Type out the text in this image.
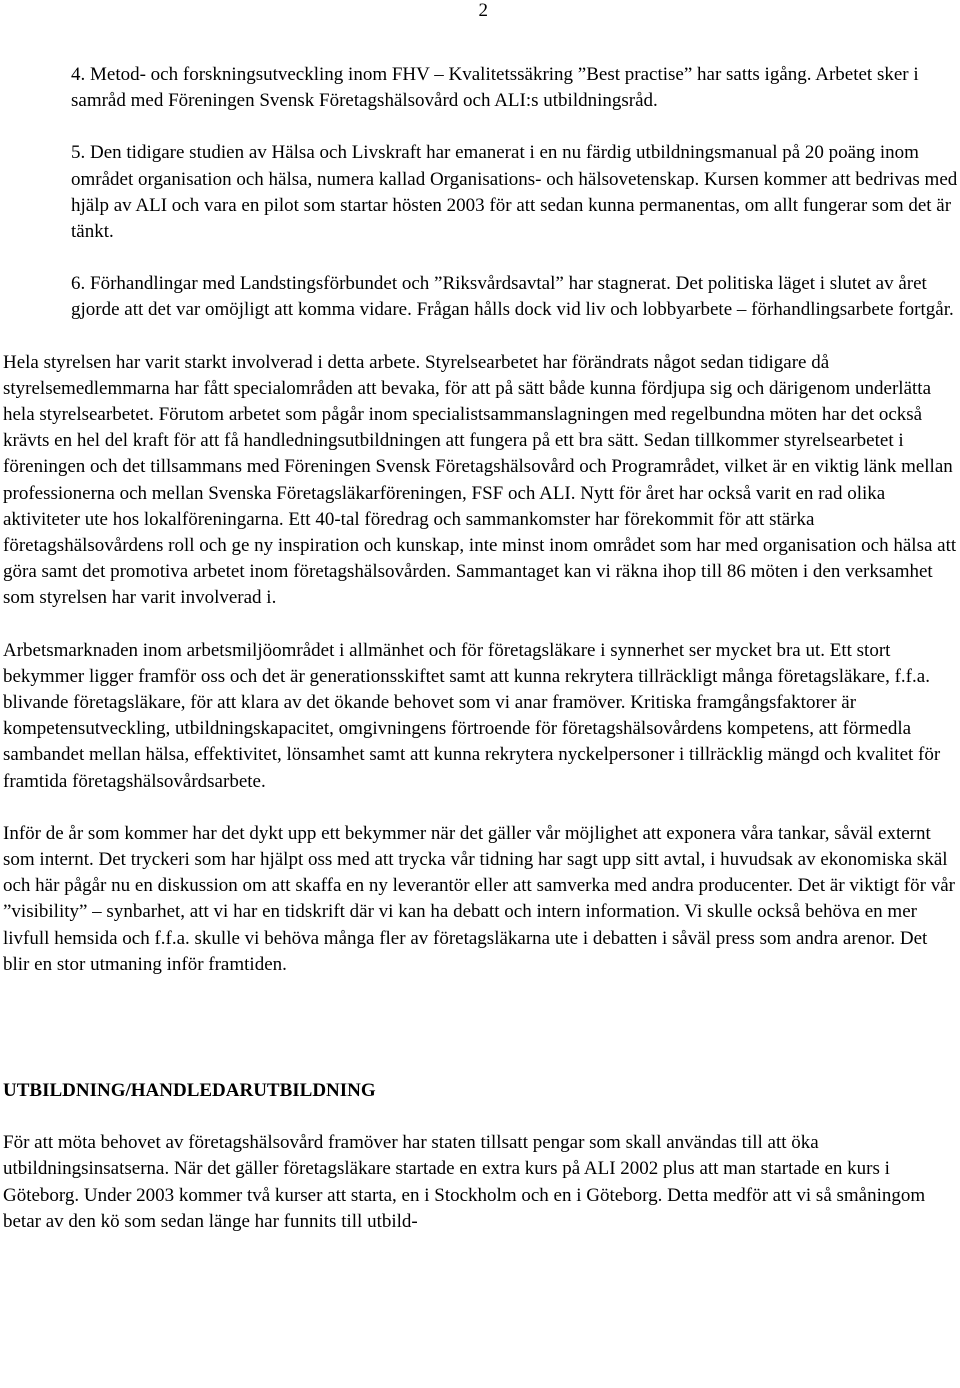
2

4. Metod- och forskningsutveckling inom FHV – Kvalitetssäkring ”Best practise” har satts igång. Arbetet sker i samråd med Föreningen Svensk Företagshälsovård och ALI:s utbildningsråd.

5. Den tidigare studien av Hälsa och Livskraft har emanerat i en nu färdig utbildningsmanual på 20 poäng inom området organisation och hälsa, numera kallad Organisations- och hälsovetenskap. Kursen kommer att bedrivas med hjälp av ALI och vara en pilot som startar hösten 2003 för att sedan kunna permanentas, om allt fungerar som det är tänkt.

6. Förhandlingar med Landstingsförbundet och ”Riksvårdsavtal” har stagnerat. Det politiska läget i slutet av året gjorde att det var omöjligt att komma vidare. Frågan hålls dock vid liv och lobbyarbete – förhandlingsarbete fortgår.

Hela styrelsen har varit starkt involverad i detta arbete. Styrelsearbetet har förändrats något sedan tidigare då styrelsemedlemmarna har fått specialområden att bevaka, för att på sätt både kunna fördjupa sig och därigenom underlätta hela styrelsearbetet. Förutom arbetet som pågår inom specialistsammanslagningen med regelbundna möten har det också krävts en hel del kraft för att få handledningsutbildningen att fungera på ett bra sätt. Sedan tillkommer styrelsearbetet i föreningen och det tillsammans med Föreningen Svensk Företagshälsovård och Programrådet, vilket är en viktig länk mellan professionerna och mellan Svenska Företagsläkarföreningen, FSF och ALI. Nytt för året har också varit en rad olika aktiviteter ute hos lokalföreningarna. Ett 40-tal föredrag och sammankomster har förekommit för att stärka företagshälsovårdens roll och ge ny inspiration och kunskap, inte minst inom området som har med organisation och hälsa att göra samt det promotiva arbetet inom företagshälsovården. Sammantaget kan vi räkna ihop till 86 möten i den verksamhet som styrelsen har varit involverad i.

Arbetsmarknaden inom arbetsmiljöområdet i allmänhet och för företagsläkare i synnerhet ser mycket bra ut. Ett stort bekymmer ligger framför oss och det är generationsskiftet samt att kunna rekrytera tillräckligt många företagsläkare, f.f.a. blivande företagsläkare, för att klara av det ökande behovet som vi anar framöver. Kritiska framgångsfaktorer är kompetensutveckling, utbildningskapacitet, omgivningens förtroende för företagshälsovårdens kompetens, att förmedla sambandet mellan hälsa, effektivitet, lönsamhet samt att kunna rekrytera nyckelpersoner i tillräcklig mängd och kvalitet för framtida företagshälsovårdsarbete.

Inför de år som kommer har det dykt upp ett bekymmer när det gäller vår möjlighet att exponera våra tankar, såväl externt som internt. Det tryckeri som har hjälpt oss med att trycka vår tidning har sagt upp sitt avtal, i huvudsak av ekonomiska skäl och här pågår nu en diskussion om att skaffa en ny leverantör eller att samverka med andra producenter. Det är viktigt för vår ”visibility” – synbarhet, att vi har en tidskrift där vi kan ha debatt och intern information. Vi skulle också behöva en mer livfull hemsida och f.f.a. skulle vi behöva många fler av företagsläkarna ute i debatten i såväl press som andra arenor. Det blir en stor utmaning inför framtiden.

UTBILDNING/HANDLEDARUTBILDNING

För att möta behovet av företagshälsovård framöver har staten tillsatt pengar som skall användas till att öka utbildningsinsatserna. När det gäller företagsläkare startade en extra kurs på ALI 2002 plus att man startade en kurs i Göteborg. Under 2003 kommer två kurser att starta, en i Stockholm och en i Göteborg. Detta medför att vi så småningom betar av den kö som sedan länge har funnits till utbild-
